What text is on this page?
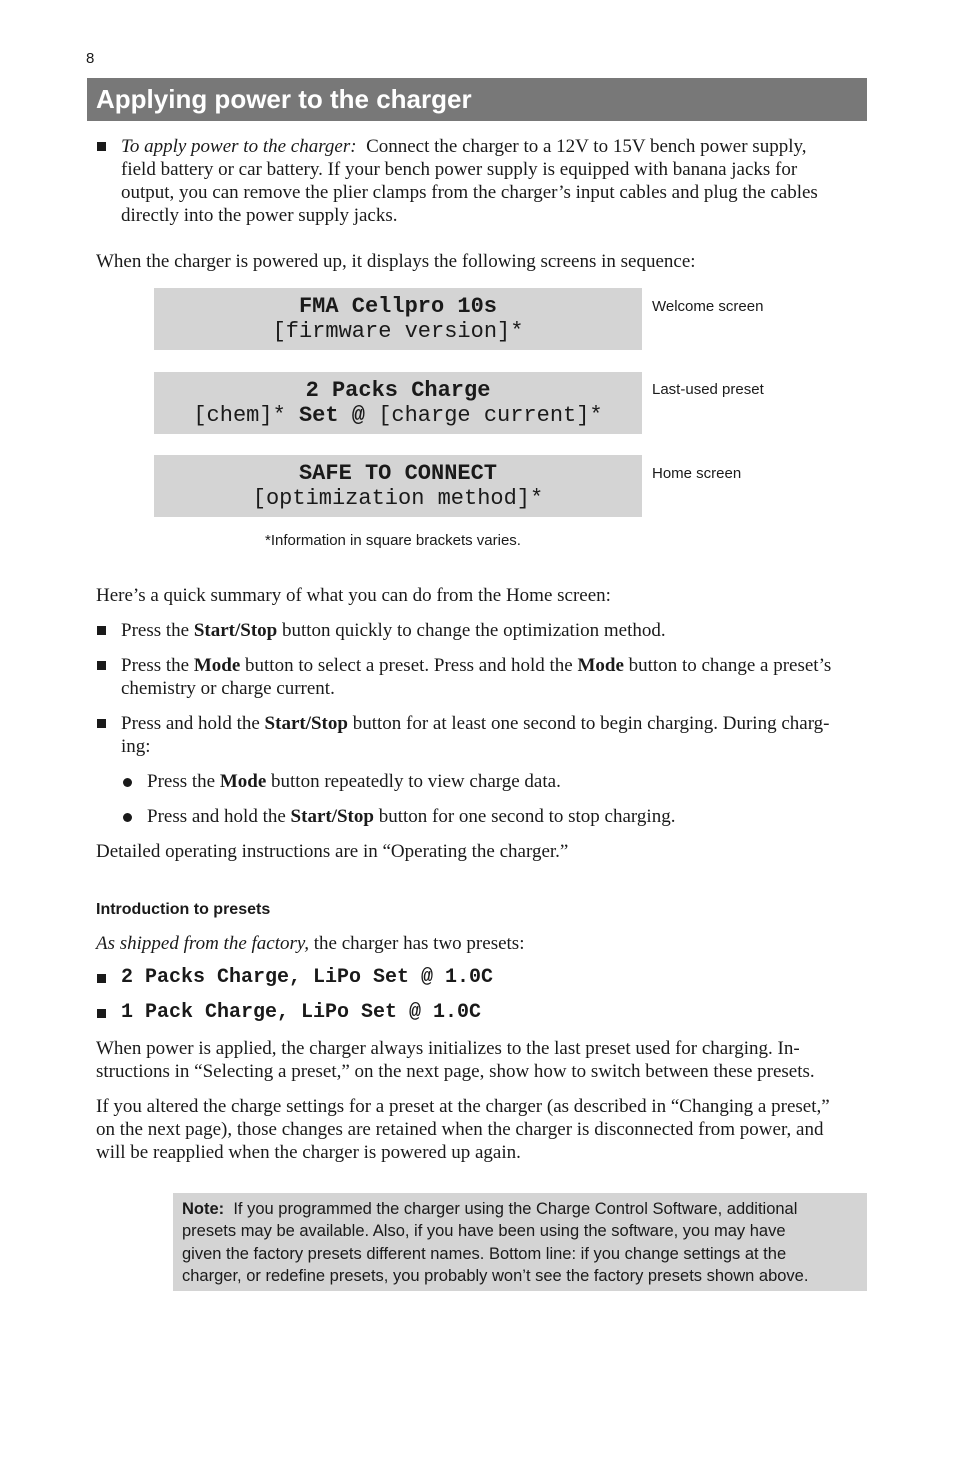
8
Applying power to the charger
To apply power to the charger: Connect the charger to a 12V to 15V bench power supply,
field battery or car battery. If your bench power supply is equipped with banana jacks for
output, you can remove the plier clamps from the charger’s input cables and plug the cables
directly into the power supply jacks.
When the charger is powered up, it displays the following screens in sequence:
FMA Cellpro 10s
[firmware version]*
Welcome screen
2 Packs Charge
[chem]* Set @ [charge current]*
Last-used preset
SAFE TO CONNECT
[optimization method]*
Home screen
*Information in square brackets varies.
Here’s a quick summary of what you can do from the Home screen:
Press the Start/Stop button quickly to change the optimization method.
Press the Mode button to select a preset. Press and hold the Mode button to change a preset’s
chemistry or charge current.
Press and hold the Start/Stop button for at least one second to begin charging. During charg-
ing:
Press the Mode button repeatedly to view charge data.
Press and hold the Start/Stop button for one second to stop charging.
Detailed operating instructions are in “Operating the charger.”
Introduction to presets
As shipped from the factory, the charger has two presets:
2 Packs Charge, LiPo Set @ 1.0C
1 Pack Charge, LiPo Set @ 1.0C
When power is applied, the charger always initializes to the last preset used for charging. In-
structions in “Selecting a preset,” on the next page, show how to switch between these presets.
If you altered the charge settings for a preset at the charger (as described in “Changing a preset,”
on the next page), those changes are retained when the charger is disconnected from power, and
will be reapplied when the charger is powered up again.
Note:  If you programmed the charger using the Charge Control Software, additional
presets may be available. Also, if you have been using the software, you may have
given the factory presets different names. Bottom line: if you change settings at the
charger, or redefine presets, you probably won’t see the factory presets shown above.
